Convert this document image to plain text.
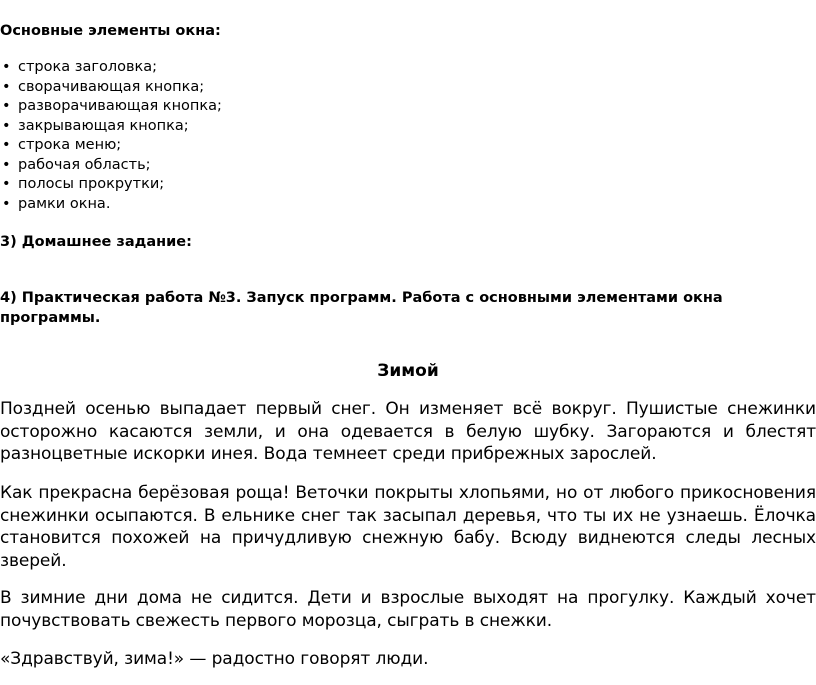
Основные элементы окна:
• строка заголовка;
• сворачивающая кнопка;
• разворачивающая кнопка;
• закрывающая кнопка;
• строка меню;
• рабочая область;
• полосы прокрутки;
• рамки окна.
3) Домашнее задание:
4) Практическая работа №3. Запуск программ. Работа с основными элементами окна программы.
Зимой
Поздней осенью выпадает первый снег. Он изменяет всё вокруг. Пушистые снежинки осторожно касаются земли, и она одевается в белую шубку. Загораются и блестят разноцветные искорки инея. Вода темнеет среди прибрежных зарослей.
Как прекрасна берёзовая роща! Веточки покрыты хлопьями, но от любого прикосновения снежинки осыпаются. В ельнике снег так засыпал деревья, что ты их не узнаешь. Ёлочка становится похожей на причудливую снежную бабу. Всюду виднеются следы лесных зверей.
В зимние дни дома не сидится. Дети и взрослые выходят на прогулку. Каждый хочет почувствовать свежесть первого морозца, сыграть в снежки.
«Здравствуй, зима!» — радостно говорят люди.
